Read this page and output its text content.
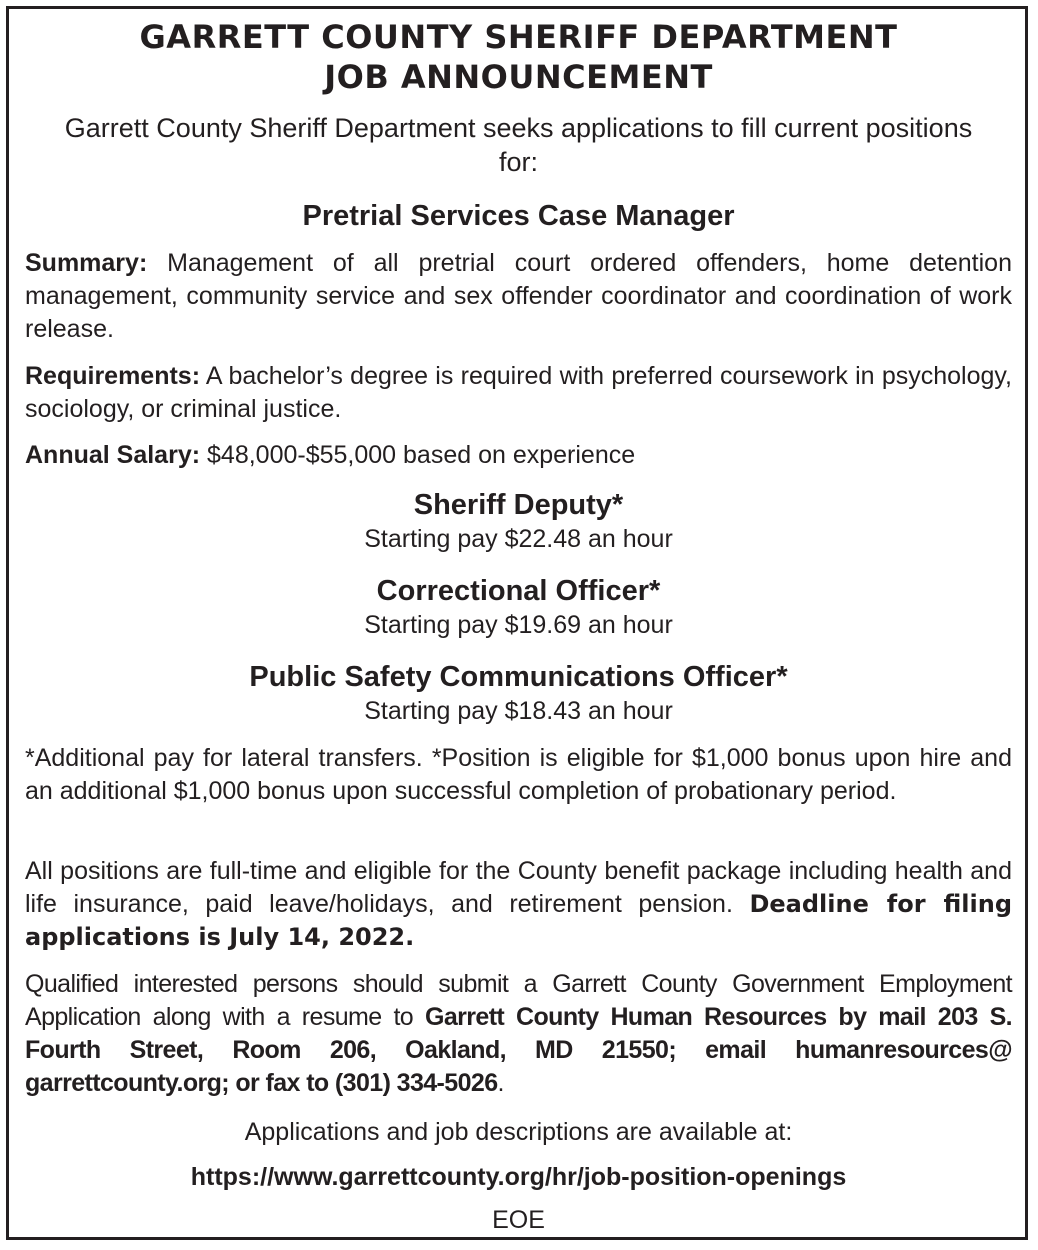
GARRETT COUNTY SHERIFF DEPARTMENT
JOB ANNOUNCEMENT
Garrett County Sheriff Department seeks applications to fill current positions for:
Pretrial Services Case Manager
Summary: Management of all pretrial court ordered offenders, home detention management, community service and sex offender coordinator and coordination of work release.
Requirements: A bachelor’s degree is required with preferred coursework in psychology, sociology, or criminal justice.
Annual Salary: $48,000-$55,000 based on experience
Sheriff Deputy*
Starting pay $22.48 an hour
Correctional Officer*
Starting pay $19.69 an hour
Public Safety Communications Officer*
Starting pay $18.43 an hour
*Additional pay for lateral transfers. *Position is eligible for $1,000 bonus upon hire and an additional $1,000 bonus upon successful completion of probationary period.
All positions are full-time and eligible for the County benefit package including health and life insurance, paid leave/holidays, and retirement pension. Deadline for filing applications is July 14, 2022.
Qualified interested persons should submit a Garrett County Government Employment Application along with a resume to Garrett County Human Resources by mail 203 S. Fourth Street, Room 206, Oakland, MD 21550; email humanresources@ garrettcounty.org; or fax to (301) 334-5026.
Applications and job descriptions are available at:
https://www.garrettcounty.org/hr/job-position-openings
EOE
